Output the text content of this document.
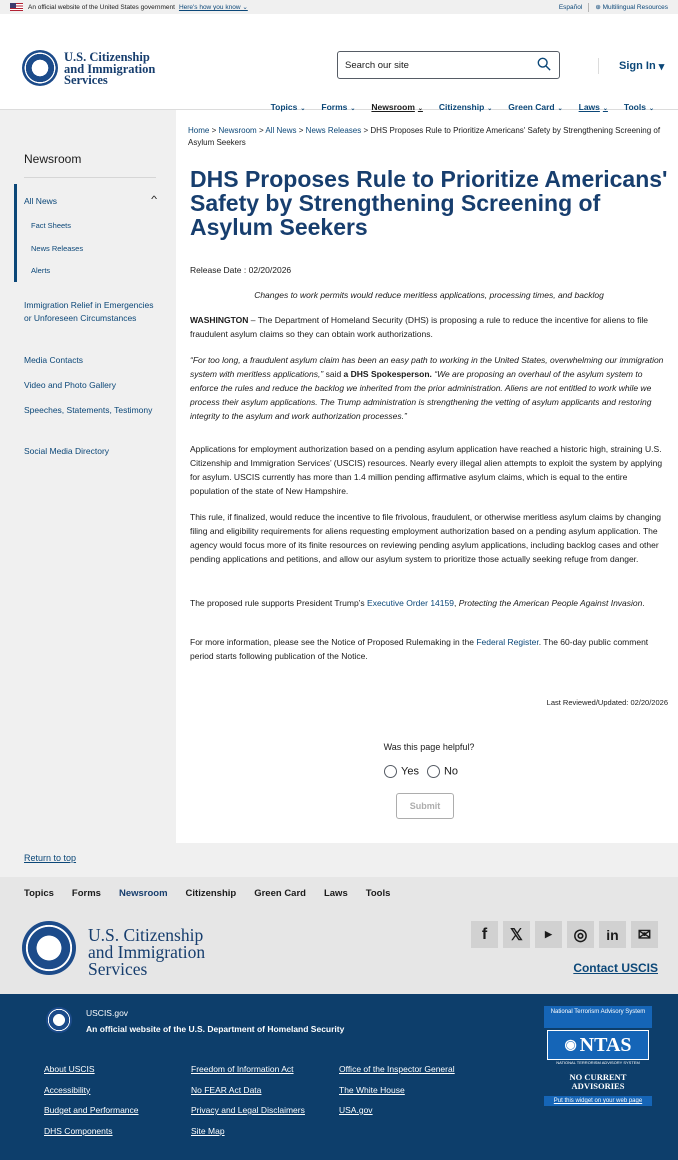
An official website of the United States government Here's how you know ⌄	Español ⊕ Multilingual Resources
U.S. Citizenship
and Immigration
Services
Search our site	Sign In ▾
Topics ⌄ Forms ⌄ Newsroom ⌄ Citizenship ⌄ Green Card ⌄ Laws ⌄ Tools ⌄
Newsroom
All News	^
Fact Sheets
News Releases
Alerts
Immigration Relief in Emergencies or Unforeseen Circumstances
Media Contacts
Video and Photo Gallery
Speeches, Statements, Testimony
Social Media Directory
Home > Newsroom > All News > News Releases > DHS Proposes Rule to Prioritize Americans' Safety by Strengthening Screening of Asylum Seekers
DHS Proposes Rule to Prioritize Americans' Safety by Strengthening Screening of Asylum Seekers
Release Date : 02/20/2026
Changes to work permits would reduce meritless applications, processing times, and backlog
WASHINGTON – The Department of Homeland Security (DHS) is proposing a rule to reduce the incentive for aliens to file fraudulent asylum claims so they can obtain work authorizations.
“For too long, a fraudulent asylum claim has been an easy path to working in the United States, overwhelming our immigration system with meritless applications,” said a DHS Spokesperson. “We are proposing an overhaul of the asylum system to enforce the rules and reduce the backlog we inherited from the prior administration. Aliens are not entitled to work while we process their asylum applications. The Trump administration is strengthening the vetting of asylum applicants and restoring integrity to the asylum and work authorization processes.”
Applications for employment authorization based on a pending asylum application have reached a historic high, straining U.S. Citizenship and Immigration Services’ (USCIS) resources. Nearly every illegal alien attempts to exploit the system by applying for asylum. USCIS currently has more than 1.4 million pending affirmative asylum claims, which is equal to the entire population of the state of New Hampshire.
This rule, if finalized, would reduce the incentive to file frivolous, fraudulent, or otherwise meritless asylum claims by changing filing and eligibility requirements for aliens requesting employment authorization based on a pending asylum application. The agency would focus more of its finite resources on reviewing pending asylum applications, including backlog cases and other pending applications and petitions, and allow our asylum system to prioritize those actually seeking refuge from danger.
The proposed rule supports President Trump’s Executive Order 14159, Protecting the American People Against Invasion.
For more information, please see the Notice of Proposed Rulemaking in the Federal Register. The 60-day public comment period starts following publication of the Notice.
Last Reviewed/Updated: 02/20/2026
Was this page helpful?
Yes	No
Submit
Return to top
Topics Forms Newsroom Citizenship Green Card Laws Tools
U.S. Citizenship
and Immigration
Services
f	𝕏	▶	◎	in	✉
Contact USCIS
USCIS.gov
An official website of the U.S. Department of Homeland Security
About USCIS
Accessibility
Budget and Performance
DHS Components
Freedom of Information Act
No FEAR Act Data
Privacy and Legal Disclaimers
Site Map
Office of the Inspector General
The White House
USA.gov
National Terrorism Advisory System
◉ NTAS
NATIONAL TERRORISM ADVISORY SYSTEM
NO CURRENT
ADVISORIES
Put this widget on your web page
